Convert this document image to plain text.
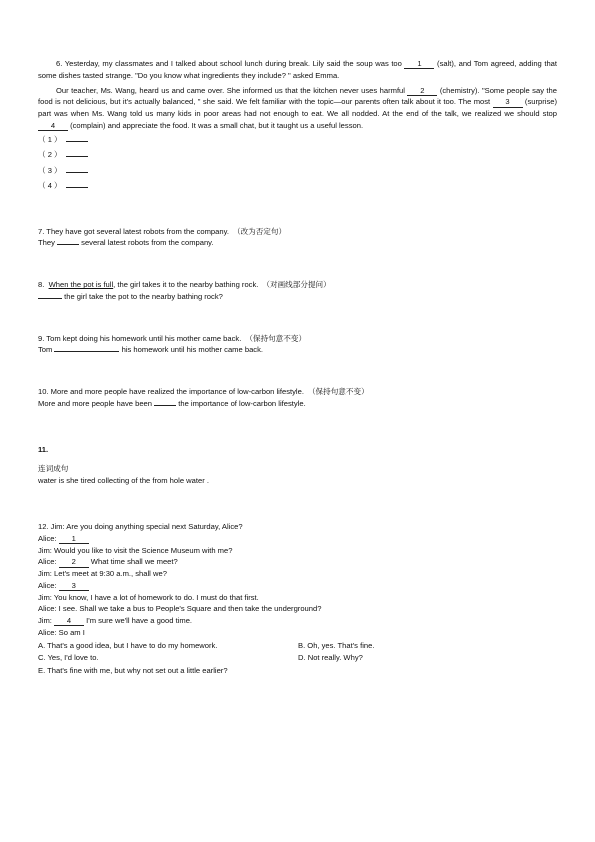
6. Yesterday, my classmates and I talked about school lunch during break. Lily said the soup was too 1 (salt), and Tom agreed, adding that some dishes tasted strange. "Do you know what ingredients they include? " asked Emma.

Our teacher, Ms. Wang, heard us and came over. She informed us that the kitchen never uses harmful 2 (chemistry). "Some people say the food is not delicious, but it's actually balanced, " she said. We felt familiar with the topic—our parents often talk about it too. The most 3 (surprise) part was when Ms. Wang told us many kids in poor areas had not enough to eat. We all nodded. At the end of the talk, we realized we should stop 4 (complain) and appreciate the food. It was a small chat, but it taught us a useful lesson.

（ 1 ）
（ 2 ）
（ 3 ）
（ 4 ）

7. They have got several latest robots from the company. （改为否定句）

They	several latest robots from the company.

8. When the pot is full, the girl takes it to the nearby bathing rock. （对画线部分提问）

the girl take the pot to the nearby bathing rock?

9. Tom kept doing his homework until his mother came back. （保持句意不变）

Tom	his homework until his mother came back.

10. More and more people have realized the importance of low-carbon lifestyle. （保持句意不变）

More and more people have been	the importance of low-carbon lifestyle.

11.

连词成句

water is she tired collecting of the from hole water .

12. Jim: Are you doing anything special next Saturday, Alice?

Alice: 1

Jim: Would you like to visit the Science Museum with me?

Alice: 2 What time shall we meet?

Jim: Let's meet at 9:30 a.m., shall we?

Alice: 3

Jim: You know, I have a lot of homework to do. I must do that first.

Alice: I see. Shall we take a bus to People's Square and then take the underground?

Jim: 4 I'm sure we'll have a good time.

Alice: So am I

A. That's a good idea, but I have to do my homework.	B. Oh, yes. That's fine.
C. Yes, I'd love to.	D. Not really. Why?
E. That's fine with me, but why not set out a little earlier?
